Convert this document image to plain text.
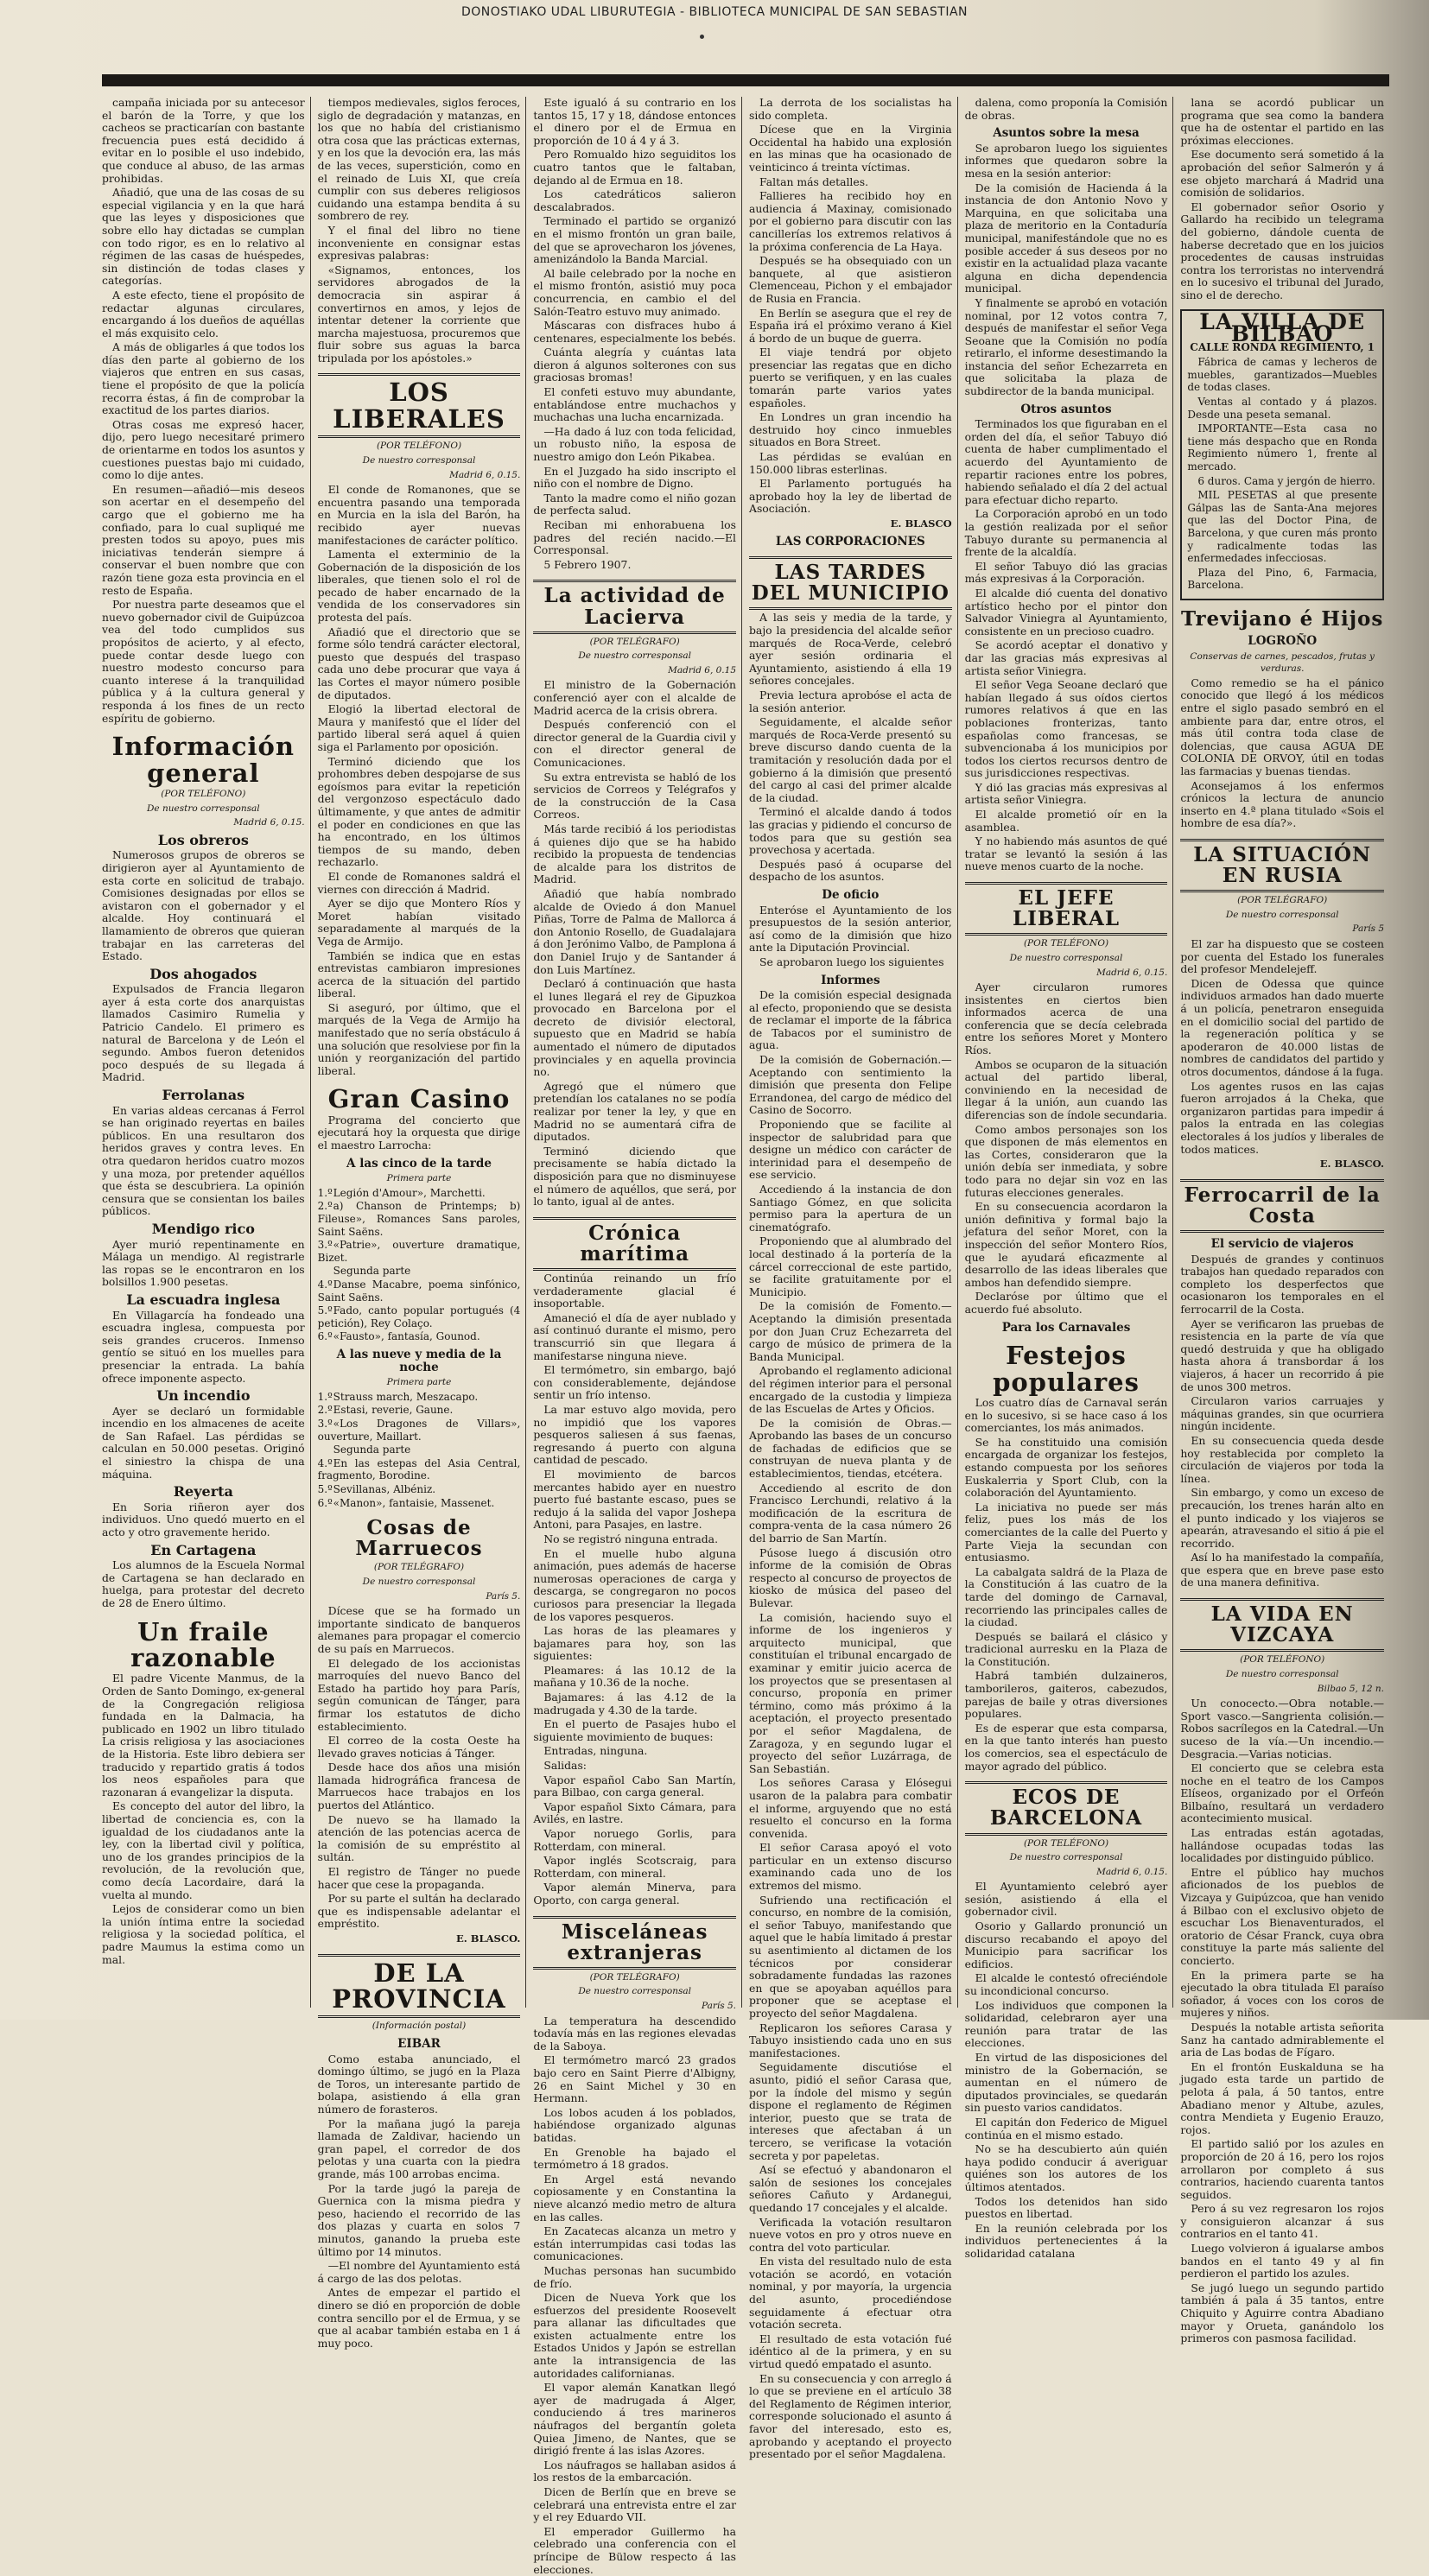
DONOSTIAKO UDAL LIBURUTEGIA - BIBLIOTECA MUNICIPAL DE SAN SEBASTIAN

campaña iniciada por su antecesor el barón de la Torre, y que los cacheos se practicarían con bastante frecuencia pues está decidido á evitar en lo posible el uso indebido, que conduce al abuso, de las armas prohibidas.

Añadió, que una de las cosas de su especial vigilancia y en la que hará que las leyes y disposiciones que sobre ello hay dictadas se cumplan con todo rigor, es en lo relativo al régimen de las casas de huéspedes, sin distinción de todas clases y categorías.

A este efecto, tiene el propósito de redactar algunas circulares, encargando á los dueños de aquéllas el más exquisito celo.

A más de obligarles á que todos los días den parte al gobierno de los viajeros que entren en sus casas, tiene el propósito de que la policía recorra éstas, á fin de comprobar la exactitud de los partes diarios.

Otras cosas me expresó hacer, dijo, pero luego necesitaré primero de orientarme en todos los asuntos y cuestiones puestas bajo mi cuidado, como lo dije antes.

En resumen—añadió—mis deseos son acertar en el desempeño del cargo que el gobierno me ha confiado, para lo cual supliqué me presten todos su apoyo, pues mis iniciativas tenderán siempre á conservar el buen nombre que con razón tiene goza esta provincia en el resto de España.

Por nuestra parte deseamos que el nuevo gobernador civil de Guipúzcoa vea del todo cumplidos sus propósitos de acierto, y al efecto, puede contar desde luego con nuestro modesto concurso para cuanto interese á la tranquilidad pública y á la cultura general y responda á los fines de un recto espíritu de gobierno.

Información general
(POR TELÉFONO)
De nuestro corresponsal
Madrid 6, 0.15.
Los obreros

Numerosos grupos de obreros se dirigieron ayer al Ayuntamiento de esta corte en solicitud de trabajo. Comisiones designadas por ellos se avistaron con el gobernador y el alcalde. Hoy continuará el llamamiento de obreros que quieran trabajar en las carreteras del Estado.

Dos ahogados

Expulsados de Francia llegaron ayer á esta corte dos anarquistas llamados Casimiro Rumelia y Patricio Candelo. El primero es natural de Barcelona y de León el segundo. Ambos fueron detenidos poco después de su llegada á Madrid.

Ferrolanas

En varias aldeas cercanas á Ferrol se han originado reyertas en bailes públicos. En una resultaron dos heridos graves y contra leves. En otra quedaron heridos cuatro mozos y una moza, por pretender aquéllos que ésta se descubriera. La opinión censura que se consientan los bailes públicos.

Mendigo rico

Ayer murió repentinamente en Málaga un mendigo. Al registrarle las ropas se le encontraron en los bolsillos 1.900 pesetas.

La escuadra inglesa

En Villagarcía ha fondeado una escuadra inglesa, compuesta por seis grandes cruceros. Inmenso gentío se situó en los muelles para presenciar la entrada. La bahía ofrece imponente aspecto.

Un incendio

Ayer se declaró un formidable incendio en los almacenes de aceite de San Rafael. Las pérdidas se calculan en 50.000 pesetas. Originó el siniestro la chispa de una máquina.

Reyerta

En Soria riñeron ayer dos individuos. Uno quedó muerto en el acto y otro gravemente herido.

En Cartagena

Los alumnos de la Escuela Normal de Cartagena se han declarado en huelga, para protestar del decreto de 28 de Enero último.

Un fraile razonable

El padre Vicente Manmus, de la Orden de Santo Domingo, ex-general de la Congregación religiosa fundada en la Dalmacia, ha publicado en 1902 un libro titulado La crisis religiosa y las asociaciones de la Historia. Este libro debiera ser traducido y repartido gratis á todos los neos españoles para que razonaran á evangelizar la disputa.

Es concepto del autor del libro, la libertad de conciencia es, con la igualdad de los ciudadanos ante la ley, con la libertad civil y política, uno de los grandes principios de la revolución, de la revolución que, como decía Lacordaire, dará la vuelta al mundo.

Lejos de considerar como un bien la unión íntima entre la sociedad religiosa y la sociedad política, el padre Maumus la estima como un mal.

tiempos medievales, siglos feroces, siglo de degradación y matanzas, en los que no había del cristianismo otra cosa que las prácticas externas, y en los que la devoción era, las más de las veces, superstición, como en el reinado de Luis XI, que creía cumplir con sus deberes religiosos cuidando una estampa bendita á su sombrero de rey.

Y el final del libro no tiene inconveniente en consignar estas expresivas palabras:

«Signamos, entonces, los servidores abrogados de la democracia sin aspirar á convertirnos en amos, y lejos de intentar detener la corriente que marcha majestuosa, procuremos que fluir sobre sus aguas la barca tripulada por los apóstoles.»

LOS LIBERALES
(POR TELÉFONO)
De nuestro corresponsal
Madrid 6, 0.15.

El conde de Romanones, que se encuentra pasando una temporada en Murcia en la isla del Barón, ha recibido ayer nuevas manifestaciones de carácter político.

Lamenta el exterminio de la Gobernación de la disposición de los liberales, que tienen solo el rol de pecado de haber encarnado de la vendida de los conservadores sin protesta del país.

Añadió que el directorio que se forme sólo tendrá carácter electoral, puesto que después del traspaso cada uno debe procurar que vaya á las Cortes el mayor número posible de diputados.

Elogió la libertad electoral de Maura y manifestó que el líder del partido liberal será aquel á quien siga el Parlamento por oposición.

Terminó diciendo que los prohombres deben despojarse de sus egoísmos para evitar la repetición del vergonzoso espectáculo dado últimamente, y que antes de admitir el poder en condiciones en que las ha encontrado, en los últimos tiempos de su mando, deben rechazarlo.

El conde de Romanones saldrá el viernes con dirección á Madrid.

Ayer se dijo que Montero Ríos y Moret habían visitado separadamente al marqués de la Vega de Armijo.

También se indica que en estas entrevistas cambiaron impresiones acerca de la situación del partido liberal.

Si aseguró, por último, que el marqués de la Vega de Armijo ha manifestado que no sería obstáculo á una solución que resolviese por fin la unión y reorganización del partido liberal.

Gran Casino

Programa del concierto que ejecutará hoy la orquesta que dirige el maestro Larrocha:

A las cinco de la tarde
Primera parte
1.ºLegión d'Amour», Marchetti.
2.ºa) Chanson de Printemps; b) Fileuse», Romances Sans paroles, Saint Saëns.
3.º«Patrie», ouverture dramatique, Bizet.
Segunda parte
4.ºDanse Macabre, poema sinfónico, Saint Saëns.
5.ºFado, canto popular portugués (4 petición), Rey Colaço.
6.º«Fausto», fantasía, Gounod.
A las nueve y media de la noche
Primera parte
1.ºStrauss march, Meszacapo.
2.ºEstasi, reverie, Gaune.
3.º«Los Dragones de Villars», ouverture, Maillart.
Segunda parte
4.ºEn las estepas del Asia Central, fragmento, Borodine.
5.ºSevillanas, Albéniz.
6.º«Manon», fantaisie, Massenet.
Cosas de Marruecos
(POR TELÉGRAFO)
De nuestro corresponsal
París 5.

Dícese que se ha formado un importante sindicato de banqueros alemanes para propagar el comercio de su país en Marruecos.

El delegado de los accionistas marroquíes del nuevo Banco del Estado ha partido hoy para París, según comunican de Tánger, para firmar los estatutos de dicho establecimiento.

El correo de la costa Oeste ha llevado graves noticias á Tánger.

Desde hace dos años una misión llamada hidrográfica francesa de Marruecos hace trabajos en los puertos del Atlántico.

De nuevo se ha llamado la atención de las potencias acerca de la comisión de su empréstito al sultán.

El registro de Tánger no puede hacer que cese la propaganda.

Por su parte el sultán ha declarado que es indispensable adelantar el empréstito.

E. BLASCO.
DE LA PROVINCIA
(Información postal)
EIBAR

Como estaba anunciado, el domingo último, se jugó en la Plaza de Toros, un interesante partido de bolapa, asistiendo á ella gran número de forasteros.

Por la mañana jugó la pareja llamada de Zaldivar, haciendo un gran papel, el corredor de dos pelotas y una cuarta con la piedra grande, más 100 arrobas encima.

Por la tarde jugó la pareja de Guernica con la misma piedra y peso, haciendo el recorrido de las dos plazas y cuarta en solos 7 minutos, ganando la prueba este último por 14 minutos.

—El nombre del Ayuntamiento está á cargo de las dos pelotas.

Antes de empezar el partido el dinero se dió en proporción de doble contra sencillo por el de Ermua, y se que al acabar también estaba en 1 á muy poco.

Este igualó á su contrario en los tantos 15, 17 y 18, dándose entonces el dinero por el de Ermua en proporción de 10 á 4 y á 3.

Pero Romualdo hizo seguiditos los cuatro tantos que le faltaban, dejando al de Ermua en 18.

Los catedráticos salieron descalabrados.

Terminado el partido se organizó en el mismo frontón un gran baile, del que se aprovecharon los jóvenes, amenizándolo la Banda Marcial.

Al baile celebrado por la noche en el mismo frontón, asistió muy poca concurrencia, en cambio el del Salón-Teatro estuvo muy animado.

Máscaras con disfraces hubo á centenares, especialmente los bebés.

Cuánta alegría y cuántas lata dieron á algunos solterones con sus graciosas bromas!

El confeti estuvo muy abundante, entablándose entre muchachos y muchachas una lucha encarnizada.

—Ha dado á luz con toda felicidad, un robusto niño, la esposa de nuestro amigo don León Pikabea.

En el Juzgado ha sido inscripto el niño con el nombre de Digno.

Tanto la madre como el niño gozan de perfecta salud.

Reciban mi enhorabuena los padres del recién nacido.—El Corresponsal.

5 Febrero 1907.

La actividad de Lacierva
(POR TELÉGRAFO)
De nuestro corresponsal
Madrid 6, 0.15

El ministro de la Gobernación conferenció ayer con el alcalde de Madrid acerca de la crisis obrera.

Después conferenció con el director general de la Guardia civil y con el director general de Comunicaciones.

Su extra entrevista se habló de los servicios de Correos y Telégrafos y de la construcción de la Casa Correos.

Más tarde recibió á los periodistas á quienes dijo que se ha habido recibido la propuesta de tendencias de alcalde para los distritos de Madrid.

Añadió que había nombrado alcalde de Oviedo á don Manuel Piñas, Torre de Palma de Mallorca á don Antonio Rosello, de Guadalajara á don Jerónimo Valbo, de Pamplona á don Daniel Irujo y de Santander á don Luis Martínez.

Declaró á continuación que hasta el lunes llegará el rey de Gipuzkoa provocado en Barcelona por el decreto de divisiór electoral, supuesto que en Madrid se había aumentado el número de diputados provinciales y en aquella provincia no.

Agregó que el número que pretendían los catalanes no se podía realizar por tener la ley, y que en Madrid no se aumentará cifra de diputados.

Terminó diciendo que precisamente se había dictado la disposición para que no disminuyese el número de aquéllos, que será, por lo tanto, igual al de antes.

Crónica marítima

Continúa reinando un frío verdaderamente glacial é insoportable.

Amaneció el día de ayer nublado y así continuó durante el mismo, pero transcurrió sin que llegara á manifestarse ninguna nieve.

El termómetro, sin embargo, bajó con considerablemente, dejándose sentir un frío intenso.

La mar estuvo algo movida, pero no impidió que los vapores pesqueros saliesen á sus faenas, regresando á puerto con alguna cantidad de pescado.

El movimiento de barcos mercantes habido ayer en nuestro puerto fué bastante escaso, pues se redujo á la salida del vapor Joshepa Antoni, para Pasajes, en lastre.

No se registró ninguna entrada.

En el muelle hubo alguna animación, pues además de hacerse numerosas operaciones de carga y descarga, se congregaron no pocos curiosos para presenciar la llegada de los vapores pesqueros.

Las horas de las pleamares y bajamares para hoy, son las siguientes:

Pleamares: á las 10.12 de la mañana y 10.36 de la noche.

Bajamares: á las 4.12 de la madrugada y 4.30 de la tarde.

En el puerto de Pasajes hubo el siguiente movimiento de buques:

Entradas, ninguna.

Salidas:

Vapor español Cabo San Martín, para Bilbao, con carga general.

Vapor español Sixto Cámara, para Avilés, en lastre.

Vapor noruego Gorlis, para Rotterdam, con mineral.

Vapor inglés Scotscraig, para Rotterdam, con mineral.

Vapor alemán Minerva, para Oporto, con carga general.

Misceláneas extranjeras
(POR TELÉGRAFO)
De nuestro corresponsal
París 5.

La temperatura ha descendido todavía más en las regiones elevadas de la Saboya.

El termómetro marcó 23 grados bajo cero en Saint Pierre d'Albigny, 26 en Saint Michel y 30 en Hermann.

Los lobos acuden á los poblados, habiéndose organizado algunas batidas.

En Grenoble ha bajado el termómetro á 18 grados.

En Argel está nevando copiosamente y en Constantina la nieve alcanzó medio metro de altura en las calles.

En Zacatecas alcanza un metro y están interrumpidas casi todas las comunicaciones.

Muchas personas han sucumbido de frío.

Dicen de Nueva York que los esfuerzos del presidente Roosevelt para allanar las dificultades que existen actualmente entre los Estados Unidos y Japón se estrellan ante la intransigencia de las autoridades californianas.

El vapor alemán Kanatkan llegó ayer de madrugada á Alger, conduciendo á tres marineros náufragos del bergantín goleta Quiea Jimeno, de Nantes, que se dirigió frente á las islas Azores.

Los náufragos se hallaban asidos á los restos de la embarcación.

Dicen de Berlín que en breve se celebrará una entrevista entre el zar y el rey Eduardo VII.

El emperador Guillermo ha celebrado una conferencia con el príncipe de Bülow respecto á las elecciones.

La derrota de los socialistas ha sido completa.

Dícese que en la Virginia Occidental ha habido una explosión en las minas que ha ocasionado de veinticinco á treinta víctimas.

Faltan más detalles.

Fallieres ha recibido hoy en audiencia á Maxinay, comisionado por el gobierno para discutir con las cancillerías los extremos relativos á la próxima conferencia de La Haya.

Después se ha obsequiado con un banquete, al que asistieron Clemenceau, Pichon y el embajador de Rusia en Francia.

En Berlín se asegura que el rey de España irá el próximo verano á Kiel á bordo de un buque de guerra.

El viaje tendrá por objeto presenciar las regatas que en dicho puerto se verifiquen, y en las cuales tomarán parte varios yates españoles.

En Londres un gran incendio ha destruido hoy cinco inmuebles situados en Bora Street.

Las pérdidas se evalúan en 150.000 libras esterlinas.

El Parlamento portugués ha aprobado hoy la ley de libertad de Asociación.

E. BLASCO
LAS CORPORACIONES
LAS TARDES DEL MUNICIPIO

A las seis y media de la tarde, y bajo la presidencia del alcalde señor marqués de Roca-Verde, celebró ayer sesión ordinaria el Ayuntamiento, asistiendo á ella 19 señores concejales.

Previa lectura aprobóse el acta de la sesión anterior.

Seguidamente, el alcalde señor marqués de Roca-Verde presentó su breve discurso dando cuenta de la tramitación y resolución dada por el gobierno á la dimisión que presentó del cargo al casi del primer alcalde de la ciudad.

Terminó el alcalde dando á todos las gracias y pidiendo el concurso de todos para que su gestión sea provechosa y acertada.

Después pasó á ocuparse del despacho de los asuntos.

De oficio

Enteróse el Ayuntamiento de los presupuestos de la sesión anterior, así como de la dimisión que hizo ante la Diputación Provincial.

Se aprobaron luego los siguientes

Informes

De la comisión especial designada al efecto, proponiendo que se desista de reclamar el importe de la fábrica de Tabacos por el suministro de agua.

De la comisión de Gobernación.—Aceptando con sentimiento la dimisión que presenta don Felipe Errandonea, del cargo de médico del Casino de Socorro.

Proponiendo que se facilite al inspector de salubridad para que designe un médico con carácter de interinidad para el desempeño de ese servicio.

Accediendo á la instancia de don Santiago Gómez, en que solicita permiso para la apertura de un cinematógrafo.

Proponiendo que al alumbrado del local destinado á la portería de la cárcel correccional de este partido, se facilite gratuitamente por el Municipio.

De la comisión de Fomento.—Aceptando la dimisión presentada por don Juan Cruz Echezarreta del cargo de músico de primera de la Banda Municipal.

Aprobando el reglamento adicional del régimen interior para el personal encargado de la custodia y limpieza de las Escuelas de Artes y Oficios.

De la comisión de Obras.—Aprobando las bases de un concurso de fachadas de edificios que se construyan de nueva planta y de establecimientos, tiendas, etcétera.

Accediendo al escrito de don Francisco Lerchundi, relativo á la modificación de la escritura de compra-venta de la casa número 26 del barrio de San Martín.

Púsose luego á discusión otro informe de la comisión de Obras respecto al concurso de proyectos de kiosko de música del paseo del Bulevar.

La comisión, haciendo suyo el informe de los ingenieros y arquitecto municipal, que constituían el tribunal encargado de examinar y emitir juicio acerca de los proyectos que se presentasen al concurso, proponía en primer término, como más próximo á la aceptación, el proyecto presentado por el señor Magdalena, de Zaragoza, y en segundo lugar el proyecto del señor Luzárraga, de San Sebastián.

Los señores Carasa y Elósegui usaron de la palabra para combatir el informe, arguyendo que no está resuelto el concurso en la forma convenida.

El señor Carasa apoyó el voto particular en un extenso discurso examinando cada uno de los extremos del mismo.

Sufriendo una rectificación el concurso, en nombre de la comisión, el señor Tabuyo, manifestando que aquel que le había limitado á prestar su asentimiento al dictamen de los técnicos por considerar sobradamente fundadas las razones en que se apoyaban aquéllos para proponer que se aceptase el proyecto del señor Magdalena.

Replicaron los señores Carasa y Tabuyo insistiendo cada uno en sus manifestaciones.

Seguidamente discutióse el asunto, pidió el señor Carasa que, por la índole del mismo y según dispone el reglamento de Régimen interior, puesto que se trata de intereses que afectaban á un tercero, se verificase la votación secreta y por papeletas.

Así se efectuó y abandonaron el salón de sesiones los concejales señores Cañuto y Ardanegui, quedando 17 concejales y el alcalde.

Verificada la votación resultaron nueve votos en pro y otros nueve en contra del voto particular.

En vista del resultado nulo de esta votación se acordó, en votación nominal, y por mayoría, la urgencia del asunto, procediéndose seguidamente á efectuar otra votación secreta.

El resultado de esta votación fué idéntico al de la primera, y en su virtud quedó empatado el asunto.

En su consecuencia y con arreglo á lo que se previene en el artículo 38 del Reglamento de Régimen interior, corresponde solucionado el asunto á favor del interesado, esto es, aprobando y aceptando el proyecto presentado por el señor Magdalena.

dalena, como proponía la Comisión de obras.

Asuntos sobre la mesa

Se aprobaron luego los siguientes informes que quedaron sobre la mesa en la sesión anterior:

De la comisión de Hacienda á la instancia de don Antonio Novo y Marquina, en que solicitaba una plaza de meritorio en la Contaduría municipal, manifestándole que no es posible acceder á sus deseos por no existir en la actualidad plaza vacante alguna en dicha dependencia municipal.

Y finalmente se aprobó en votación nominal, por 12 votos contra 7, después de manifestar el señor Vega Seoane que la Comisión no podía retirarlo, el informe desestimando la instancia del señor Echezarreta en que solicitaba la plaza de subdirector de la banda municipal.

Otros asuntos

Terminados los que figuraban en el orden del día, el señor Tabuyo dió cuenta de haber cumplimentado el acuerdo del Ayuntamiento de repartir raciones entre los pobres, habiendo señalado el día 2 del actual para efectuar dicho reparto.

La Corporación aprobó en un todo la gestión realizada por el señor Tabuyo durante su permanencia al frente de la alcaldía.

El señor Tabuyo dió las gracias más expresivas á la Corporación.

El alcalde dió cuenta del donativo artístico hecho por el pintor don Salvador Viniegra al Ayuntamiento, consistente en un precioso cuadro.

Se acordó aceptar el donativo y dar las gracias más expresivas al artista señor Viniegra.

El señor Vega Seoane declaró que habían llegado á sus oídos ciertos rumores relativos á que en las poblaciones fronterizas, tanto españolas como francesas, se subvencionaba á los municipios por todos los ciertos recursos dentro de sus jurisdicciones respectivas.

Y dió las gracias más expresivas al artista señor Viniegra.

El alcalde prometió oír en la asamblea.

Y no habiendo más asuntos de qué tratar se levantó la sesión á las nueve menos cuarto de la noche.

EL JEFE LIBERAL
(POR TELÉFONO)
De nuestro corresponsal
Madrid 6, 0.15.

Ayer circularon rumores insistentes en ciertos bien informados acerca de una conferencia que se decía celebrada entre los señores Moret y Montero Ríos.

Ambos se ocuparon de la situación actual del partido liberal, conviniendo en la necesidad de llegar á la unión, aun cuando las diferencias son de índole secundaria.

Como ambos personajes son los que disponen de más elementos en las Cortes, consideraron que la unión debía ser inmediata, y sobre todo para no dejar sin voz en las futuras elecciones generales.

En su consecuencia acordaron la unión definitiva y formal bajo la jefatura del señor Moret, con la inspección del señor Montero Ríos, que le ayudará eficazmente al desarrollo de las ideas liberales que ambos han defendido siempre.

Declaróse por último que el acuerdo fué absoluto.

Para los Carnavales
Festejos populares

Los cuatro días de Carnaval serán en lo sucesivo, si se hace caso á los comerciantes, los más animados.

Se ha constituido una comisión encargada de organizar los festejos, estando compuesta por los señores Euskalerria y Sport Club, con la colaboración del Ayuntamiento.

La iniciativa no puede ser más feliz, pues los más de los comerciantes de la calle del Puerto y Parte Vieja la secundan con entusiasmo.

La cabalgata saldrá de la Plaza de la Constitución á las cuatro de la tarde del domingo de Carnaval, recorriendo las principales calles de la ciudad.

Después se bailará el clásico y tradicional aurresku en la Plaza de la Constitución.

Habrá también dulzaineros, tamborileros, gaiteros, cabezudos, parejas de baile y otras diversiones populares.

Es de esperar que esta comparsa, en la que tanto interés han puesto los comercios, sea el espectáculo de mayor agrado del público.

ECOS DE BARCELONA
(POR TELÉFONO)
De nuestro corresponsal
Madrid 6, 0.15.

El Ayuntamiento celebró ayer sesión, asistiendo á ella el gobernador civil.

Osorio y Gallardo pronunció un discurso recabando el apoyo del Municipio para sacrificar los edificios.

El alcalde le contestó ofreciéndole su incondicional concurso.

Los individuos que componen la solidaridad, celebraron ayer una reunión para tratar de las elecciones.

En virtud de las disposiciones del ministro de la Gobernación, se aumentan en el número de diputados provinciales, se quedarán sin puesto varios candidatos.

El capitán don Federico de Miguel continúa en el mismo estado.

No se ha descubierto aún quién haya podido conducir á averiguar quiénes son los autores de los últimos atentados.

Todos los detenidos han sido puestos en libertad.

En la reunión celebrada por los individuos pertenecientes á la solidaridad catalana

lana se acordó publicar un programa que sea como la bandera que ha de ostentar el partido en las próximas elecciones.

Ese documento será sometido á la aprobación del señor Salmerón y á ese objeto marchará á Madrid una comisión de solidarios.

El gobernador señor Osorio y Gallardo ha recibido un telegrama del gobierno, dándole cuenta de haberse decretado que en los juicios procedentes de causas instruidas contra los terroristas no intervendrá en lo sucesivo el tribunal del Jurado, sino el de derecho.

LA VILLA DE BILBAO
CALLE RONDA REGIMIENTO, 1

Fábrica de camas y lecheros de muebles, garantizados—Muebles de todas clases.

Ventas al contado y á plazos. Desde una peseta semanal.

IMPORTANTE—Esta casa no tiene más despacho que en Ronda Regimiento número 1, frente al mercado.

6 duros. Cama y jergón de hierro.

MIL PESETAS al que presente Gálpas las de Santa-Ana mejores que las del Doctor Pina, de Barcelona, y que curen más pronto y radicalmente todas las enfermedades infecciosas.

Plaza del Pino, 6, Farmacia, Barcelona.

Trevijano é Hijos
LOGROÑO
Conservas de carnes, pescados, frutas y verduras.

Como remedio se ha el pánico conocido que llegó á los médicos entre el siglo pasado sembró en el ambiente para dar, entre otros, el más útil contra toda clase de dolencias, que causa AGUA DE COLONIA DE ORVOY, útil en todas las farmacias y buenas tiendas.

Aconsejamos á los enfermos crónicos la lectura de anuncio inserto en 4.ª plana titulado «Sois el hombre de esa día?».

LA SITUACIÓN EN RUSIA
(POR TELÉGRAFO)
De nuestro corresponsal
París 5

El zar ha dispuesto que se costeen por cuenta del Estado los funerales del profesor Mendelejeff.

Dicen de Odessa que quince individuos armados han dado muerte á un policía, penetraron enseguida en el domicilio social del partido de la regeneración política y se apoderaron de 40.000 listas de nombres de candidatos del partido y otros documentos, dándose á la fuga.

Los agentes rusos en las cajas fueron arrojados á la Cheka, que organizaron partidas para impedir á palos la entrada en las colegias electorales á los judíos y liberales de todos matices.

E. BLASCO.
Ferrocarril de la Costa
El servicio de viajeros

Después de grandes y continuos trabajos han quedado reparados con completo los desperfectos que ocasionaron los temporales en el ferrocarril de la Costa.

Ayer se verificaron las pruebas de resistencia en la parte de vía que quedó destruida y que ha obligado hasta ahora á transbordar á los viajeros, á hacer un recorrido á pie de unos 300 metros.

Circularon varios carruajes y máquinas grandes, sin que ocurriera ningún incidente.

En su consecuencia queda desde hoy restablecida por completo la circulación de viajeros por toda la línea.

Sin embargo, y como un exceso de precaución, los trenes harán alto en el punto indicado y los viajeros se apearán, atravesando el sitio á pie el recorrido.

Así lo ha manifestado la compañía, que espera que en breve pase esto de una manera definitiva.

LA VIDA EN VIZCAYA
(POR TELÉFONO)
De nuestro corresponsal
Bilbao 5, 12 n.

Un conocecto.—Obra notable.—Sport vasco.—Sangrienta colisión.—Robos sacrílegos en la Catedral.—Un suceso de la vía.—Un incendio.—Desgracia.—Varias noticias.

El concierto que se celebra esta noche en el teatro de los Campos Elíseos, organizado por el Orfeón Bilbaíno, resultará un verdadero acontecimiento musical.

Las entradas están agotadas, hallándose ocupadas todas las localidades por distinguido público.

Entre el público hay muchos aficionados de los pueblos de Vizcaya y Guipúzcoa, que han venido á Bilbao con el exclusivo objeto de escuchar Los Bienaventurados, el oratorio de César Franck, cuya obra constituye la parte más saliente del concierto.

En la primera parte se ha ejecutado la obra titulada El paraíso soñador, á voces con los coros de mujeres y niños.

Después la notable artista señorita Sanz ha cantado admirablemente el aria de Las bodas de Fígaro.

En el frontón Euskalduna se ha jugado esta tarde un partido de pelota á pala, á 50 tantos, entre Abadiano menor y Altube, azules, contra Mendieta y Eugenio Erauzo, rojos.

El partido salió por los azules en proporción de 20 á 16, pero los rojos arrollaron por completo á sus contrarios, haciendo cuarenta tantos seguidos.

Pero á su vez regresaron los rojos y consiguieron alcanzar á sus contrarios en el tanto 41.

Luego volvieron á igualarse ambos bandos en el tanto 49 y al fin perdieron el partido los azules.

Se jugó luego un segundo partido también á pala á 35 tantos, entre Chiquito y Aguirre contra Abadiano mayor y Orueta, ganándolo los primeros con pasmosa facilidad.
